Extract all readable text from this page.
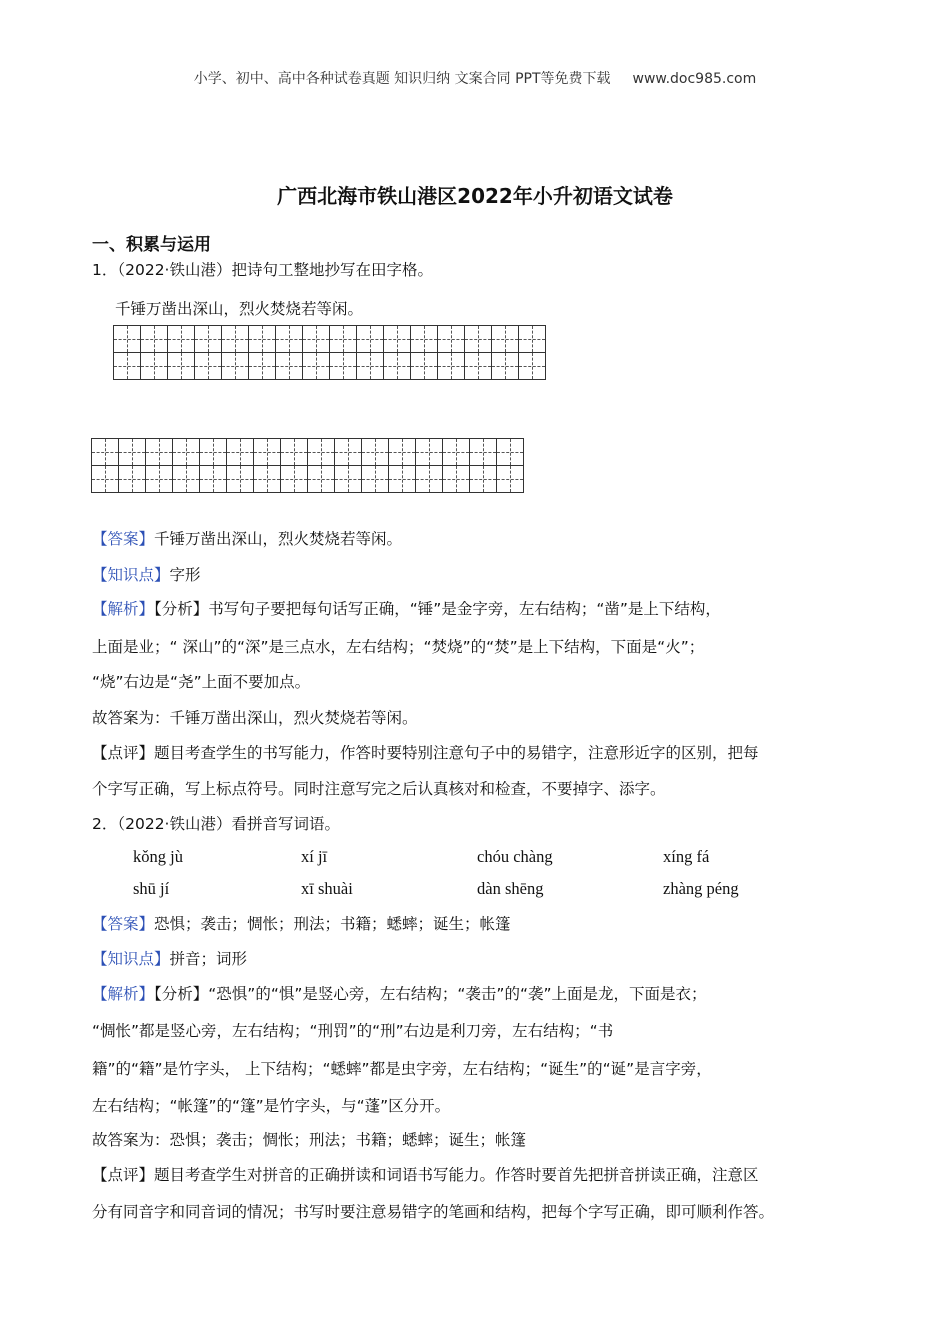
小学、初中、高中各种试卷真题 知识归纳 文案合同 PPT等免费下载 www.doc985.com
广西北海市铁山港区2022年小升初语文试卷
一、积累与运用
1．（2022·铁山港）把诗句工整地抄写在田字格。
千锤万凿出深山，烈火焚烧若等闲。

【答案】千锤万凿出深山，烈火焚烧若等闲。
【知识点】字形
【解析】【分析】书写句子要把每句话写正确，“锤”是金字旁，左右结构；“凿”是上下结构，
上面是业；“ 深山”的“深”是三点水，左右结构；“焚烧”的“焚”是上下结构，下面是“火”；
“烧”右边是“尧”上面不要加点。
故答案为：千锤万凿出深山，烈火焚烧若等闲。
【点评】题目考查学生的书写能力，作答时要特别注意句子中的易错字，注意形近字的区别，把每
个字写正确，写上标点符号。同时注意写完之后认真核对和检查，不要掉字、添字。
2．（2022·铁山港）看拼音写词语。
kǒng jù	xí jī	chóu chàng	xíng fá
shū jí	xī shuài	dàn shēng	zhàng péng
【答案】恐惧；袭击；惆怅；刑法；书籍；蟋蟀；诞生；帐篷
【知识点】拼音；词形
【解析】【分析】“恐惧”的“惧”是竖心旁，左右结构；“袭击”的“袭”上面是龙，下面是衣；
“惆怅”都是竖心旁，左右结构；“刑罚”的“刑”右边是利刀旁，左右结构；“书
籍”的“籍”是竹字头， 上下结构；“蟋蟀”都是虫字旁，左右结构；“诞生”的“诞”是言字旁，
左右结构；“帐篷”的“篷”是竹字头，与“蓬”区分开。
故答案为：恐惧；袭击；惆怅；刑法；书籍；蟋蟀；诞生；帐篷
【点评】题目考查学生对拼音的正确拼读和词语书写能力。作答时要首先把拼音拼读正确，注意区
分有同音字和同音词的情况；书写时要注意易错字的笔画和结构，把每个字写正确，即可顺利作答。
